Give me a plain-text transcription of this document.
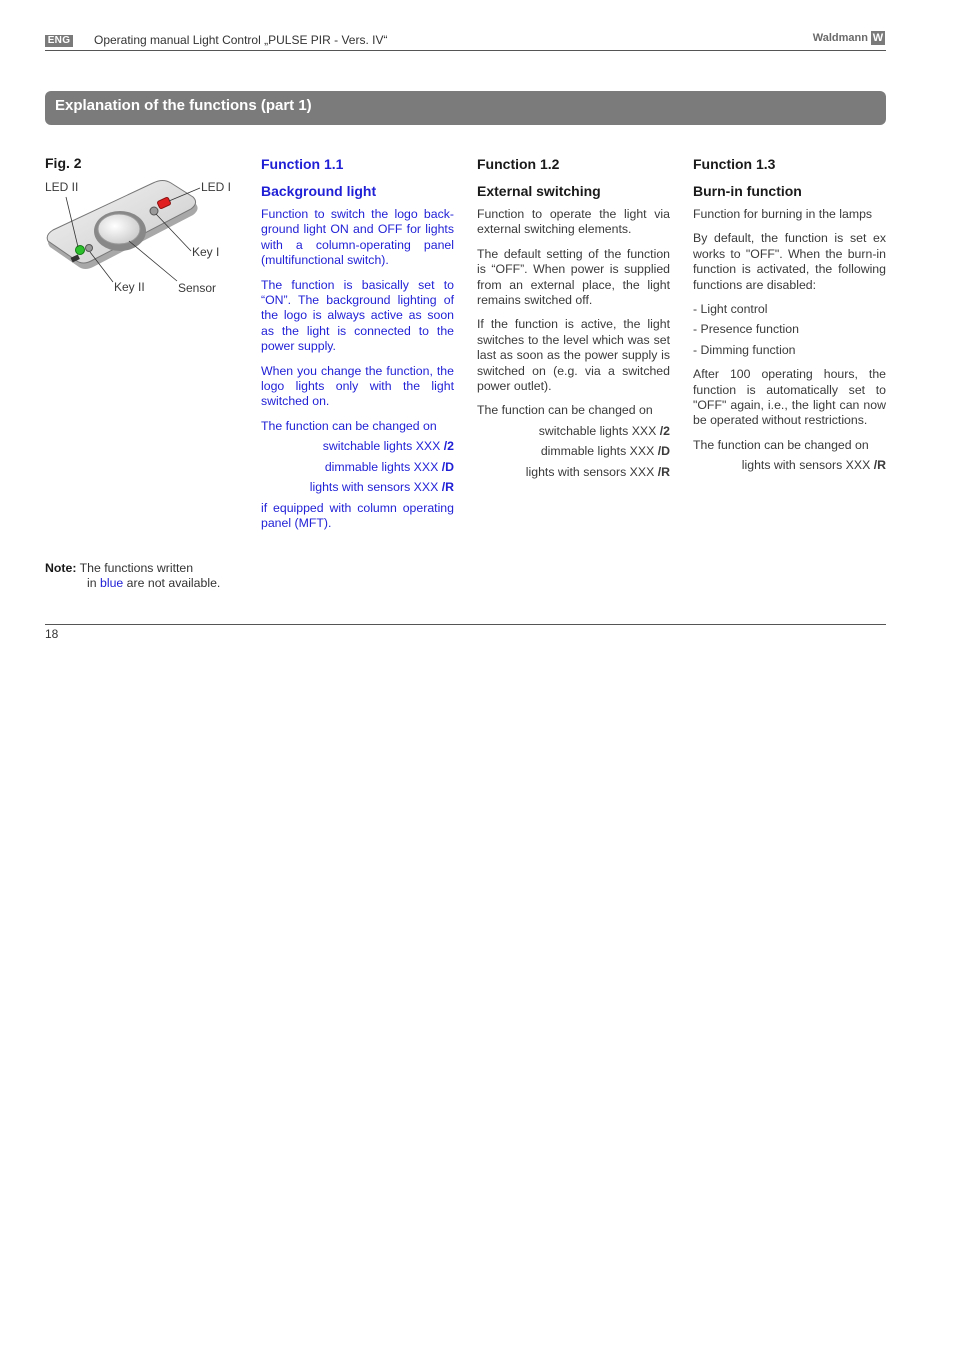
ENG Operating manual Light Control „PULSE PIR - Vers. IV“	Waldmann W
Explanation of the functions (part 1)
Fig. 2
LED II	LED I
Key I
Key II	Sensor
Function 1.1
Background light

Function to switch the logo back-ground light ON and OFF for lights with a column-operating panel (multifunctional switch).

The function is basically set to “ON”. The background lighting of the logo is always active as soon as the light is connected to the power supply.

When you change the function, the logo lights only with the light switched on.

The function can be changed on

switchable lights XXX /2
dimmable lights XXX /D
lights with sensors XXX /R

if equipped with column operating panel (MFT).

Function 1.2
External switching

Function to operate the light via external switching elements.

The default setting of the function is “OFF”. When power is supplied from an external place, the light remains switched off.

If the function is active, the light switches to the level which was set last as soon as the power supply is switched on (e.g. via a switched power outlet).

The function can be changed on

switchable lights XXX /2
dimmable lights XXX /D
lights with sensors XXX /R
Function 1.3
Burn-in function

Function for burning in the lamps

By default, the function is set ex works to "OFF". When the burn-in function is activated, the following functions are disabled:

- Light control
- Presence function
- Dimming function

After 100 operating hours, the function is automatically set to "OFF" again, i.e., the light can now be operated without restrictions.

The function can be changed on

lights with sensors XXX /R
Note: The functions written
in blue are not available.
18
